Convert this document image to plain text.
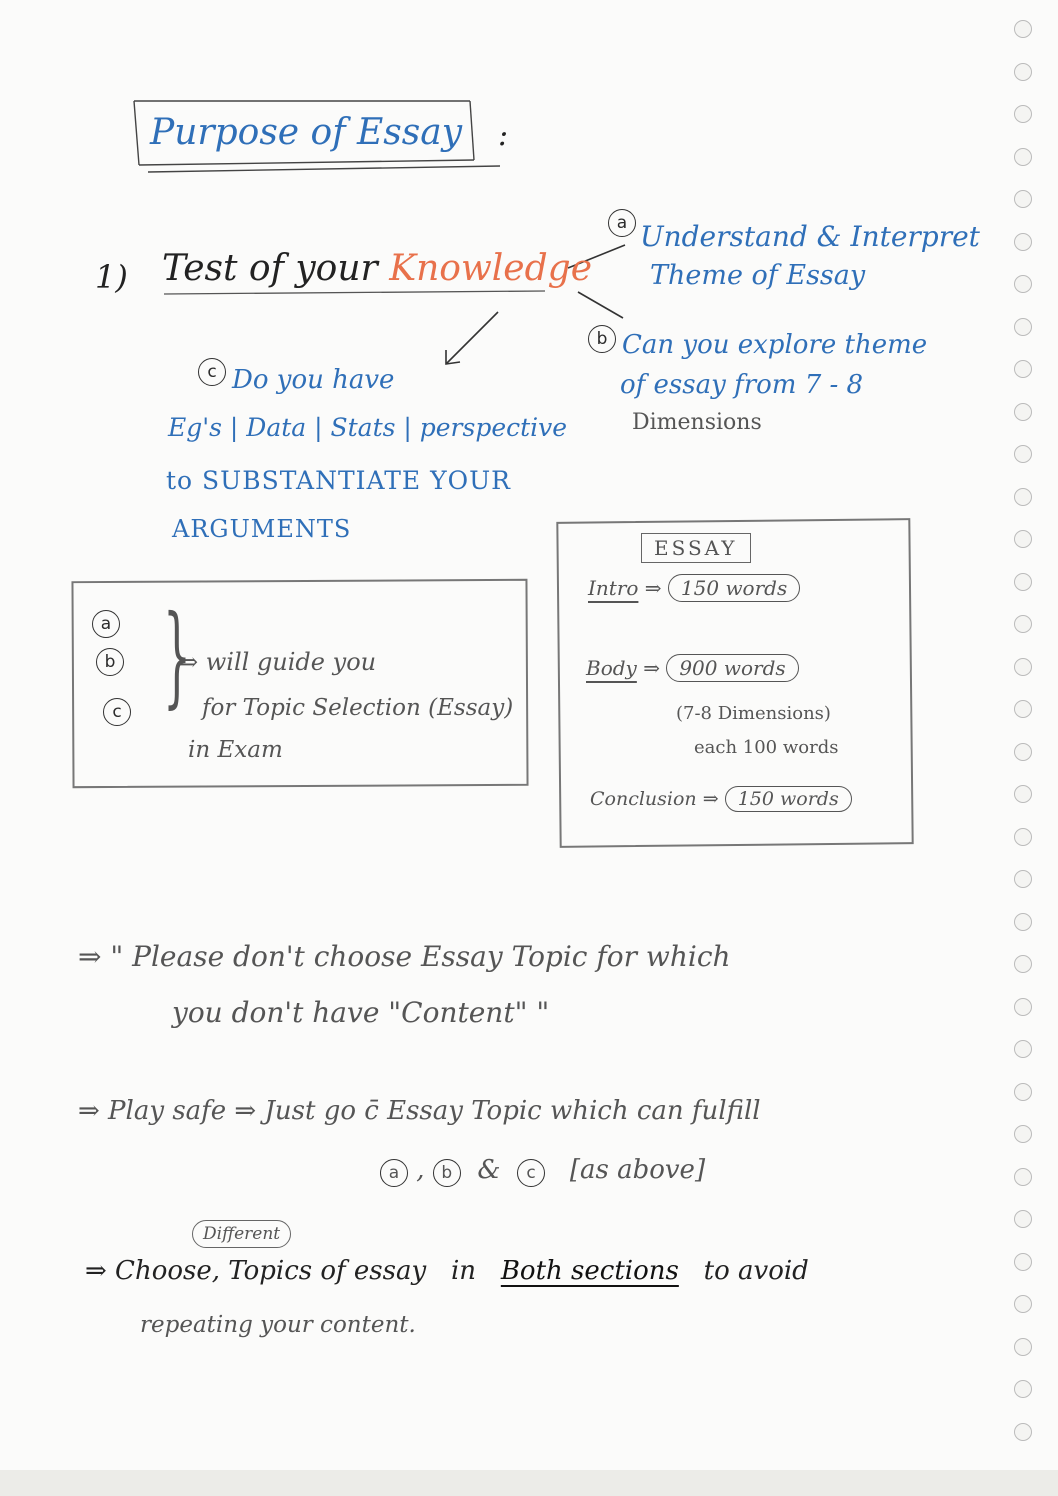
Purpose of Essay :
1) Test of your Knowledge
a Understand & Interpret
Theme of Essay
b Can you explore theme
of essay from 7 - 8
Dimensions
c Do you have
Eg's | Data | Stats | perspective
to SUBSTANTIATE YOUR
ARGUMENTS
a
b
c }
⇒ will guide you
for Topic Selection (Essay)
in Exam
ESSAY
Intro ⇒ 150 words
Body ⇒ 900 words
(7-8 Dimensions)
each 100 words
Conclusion ⇒ 150 words
⇒ " Please don't choose Essay Topic for which
you don't have "Content" "
⇒ Play safe ⇒ Just go c̄ Essay Topic which can fulfill
a , b & c [as above]
Different
⇒ Choose, Topics of essay in Both sections to avoid
repeating your content.
